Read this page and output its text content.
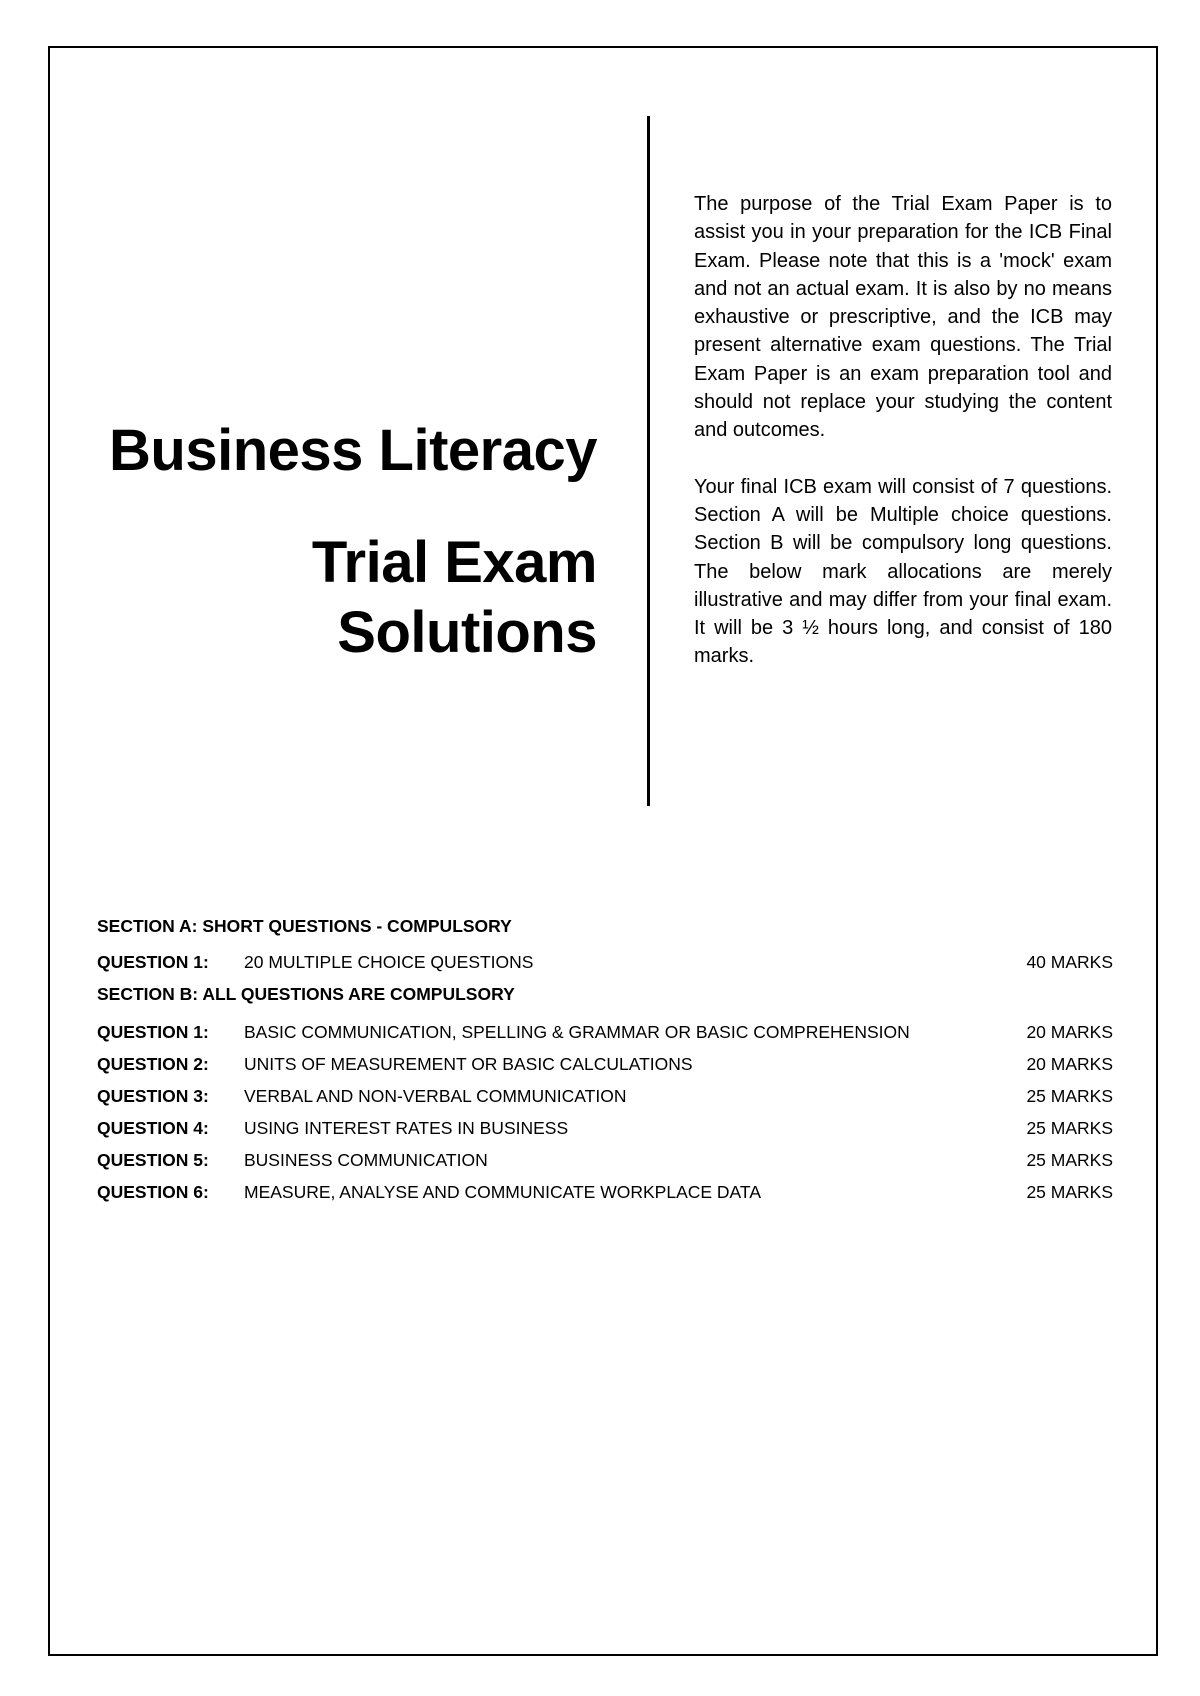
Business Literacy
Trial Exam
Solutions

The purpose of the Trial Exam Paper is to assist you in your preparation for the ICB Final Exam. Please note that this is a 'mock' exam and not an actual exam. It is also by no means exhaustive or prescriptive, and the ICB may present alternative exam questions. The Trial Exam Paper is an exam preparation tool and should not replace your studying the content and outcomes.

Your final ICB exam will consist of 7 questions. Section A will be Multiple choice questions. Section B will be compulsory long questions. The below mark allocations are merely illustrative and may differ from your final exam. It will be 3 ½ hours long, and consist of 180 marks.

SECTION A: SHORT QUESTIONS - COMPULSORY
QUESTION 1:	20 MULTIPLE CHOICE QUESTIONS	40 MARKS
SECTION B: ALL QUESTIONS ARE COMPULSORY
QUESTION 1:	BASIC COMMUNICATION, SPELLING & GRAMMAR OR BASIC COMPREHENSION	20 MARKS
QUESTION 2:	UNITS OF MEASUREMENT OR BASIC CALCULATIONS	20 MARKS
QUESTION 3:	VERBAL AND NON-VERBAL COMMUNICATION	25 MARKS
QUESTION 4:	USING INTEREST RATES IN BUSINESS	25 MARKS
QUESTION 5:	BUSINESS COMMUNICATION	25 MARKS
QUESTION 6:	MEASURE, ANALYSE AND COMMUNICATE WORKPLACE DATA	25 MARKS
